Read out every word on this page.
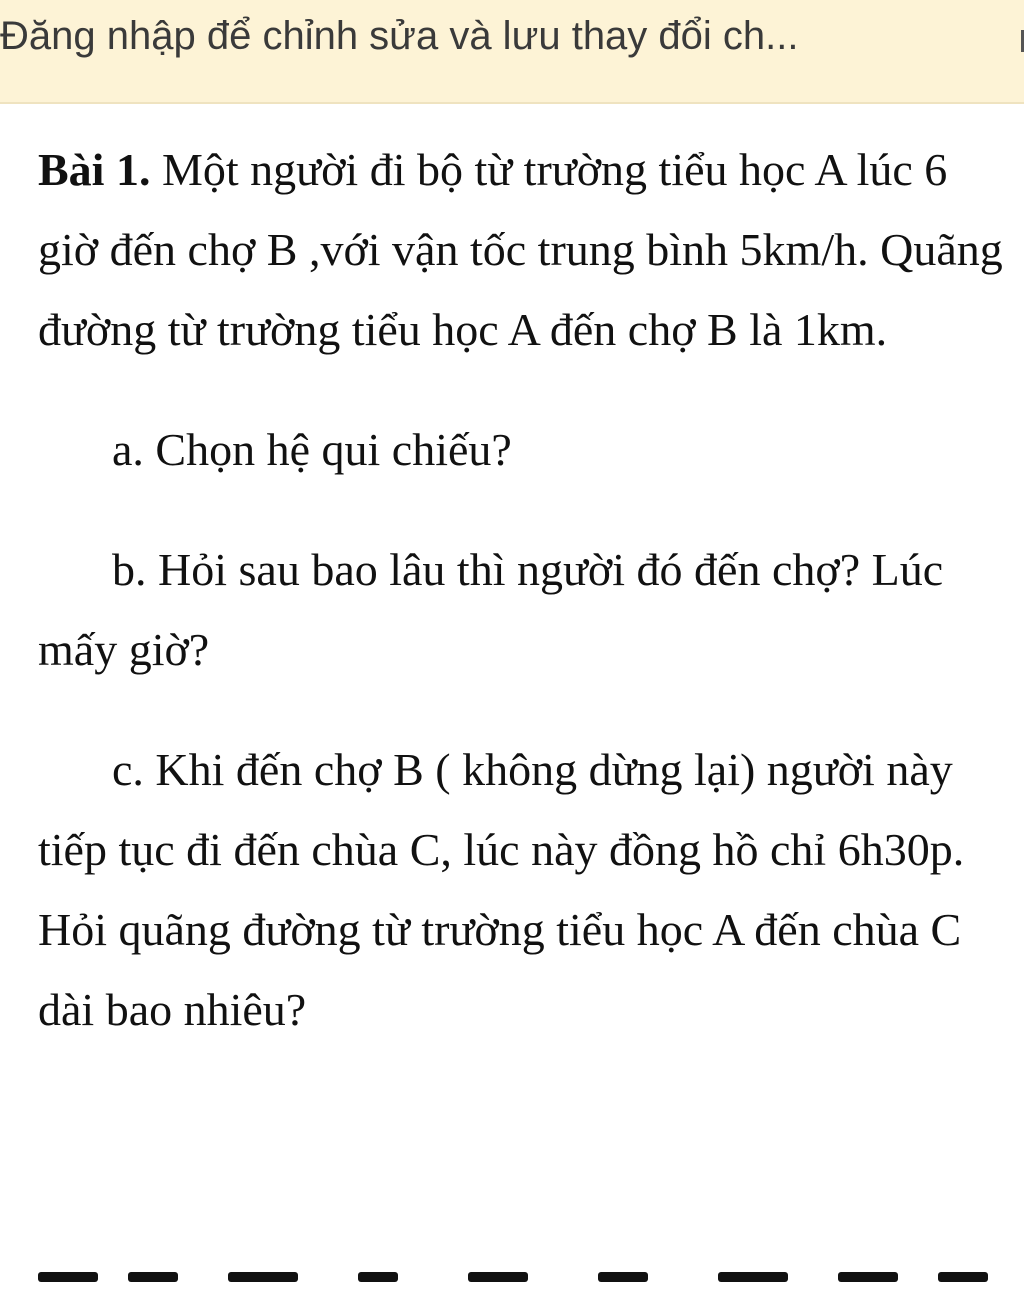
Đăng nhập để chỉnh sửa và lưu thay đổi ch...

Bài 1. Một người đi bộ từ trường tiểu học A lúc 6 giờ đến chợ B ,với vận tốc trung bình 5km/h. Quãng đường từ trường tiểu học A đến chợ B là 1km.

a. Chọn hệ qui chiếu?

b. Hỏi sau bao lâu thì người đó đến chợ? Lúc mấy giờ?

c. Khi đến chợ B ( không dừng lại) người này tiếp tục đi đến chùa C, lúc này đồng hồ chỉ 6h30p. Hỏi quãng đường từ trường tiểu học A đến chùa C dài bao nhiêu?
